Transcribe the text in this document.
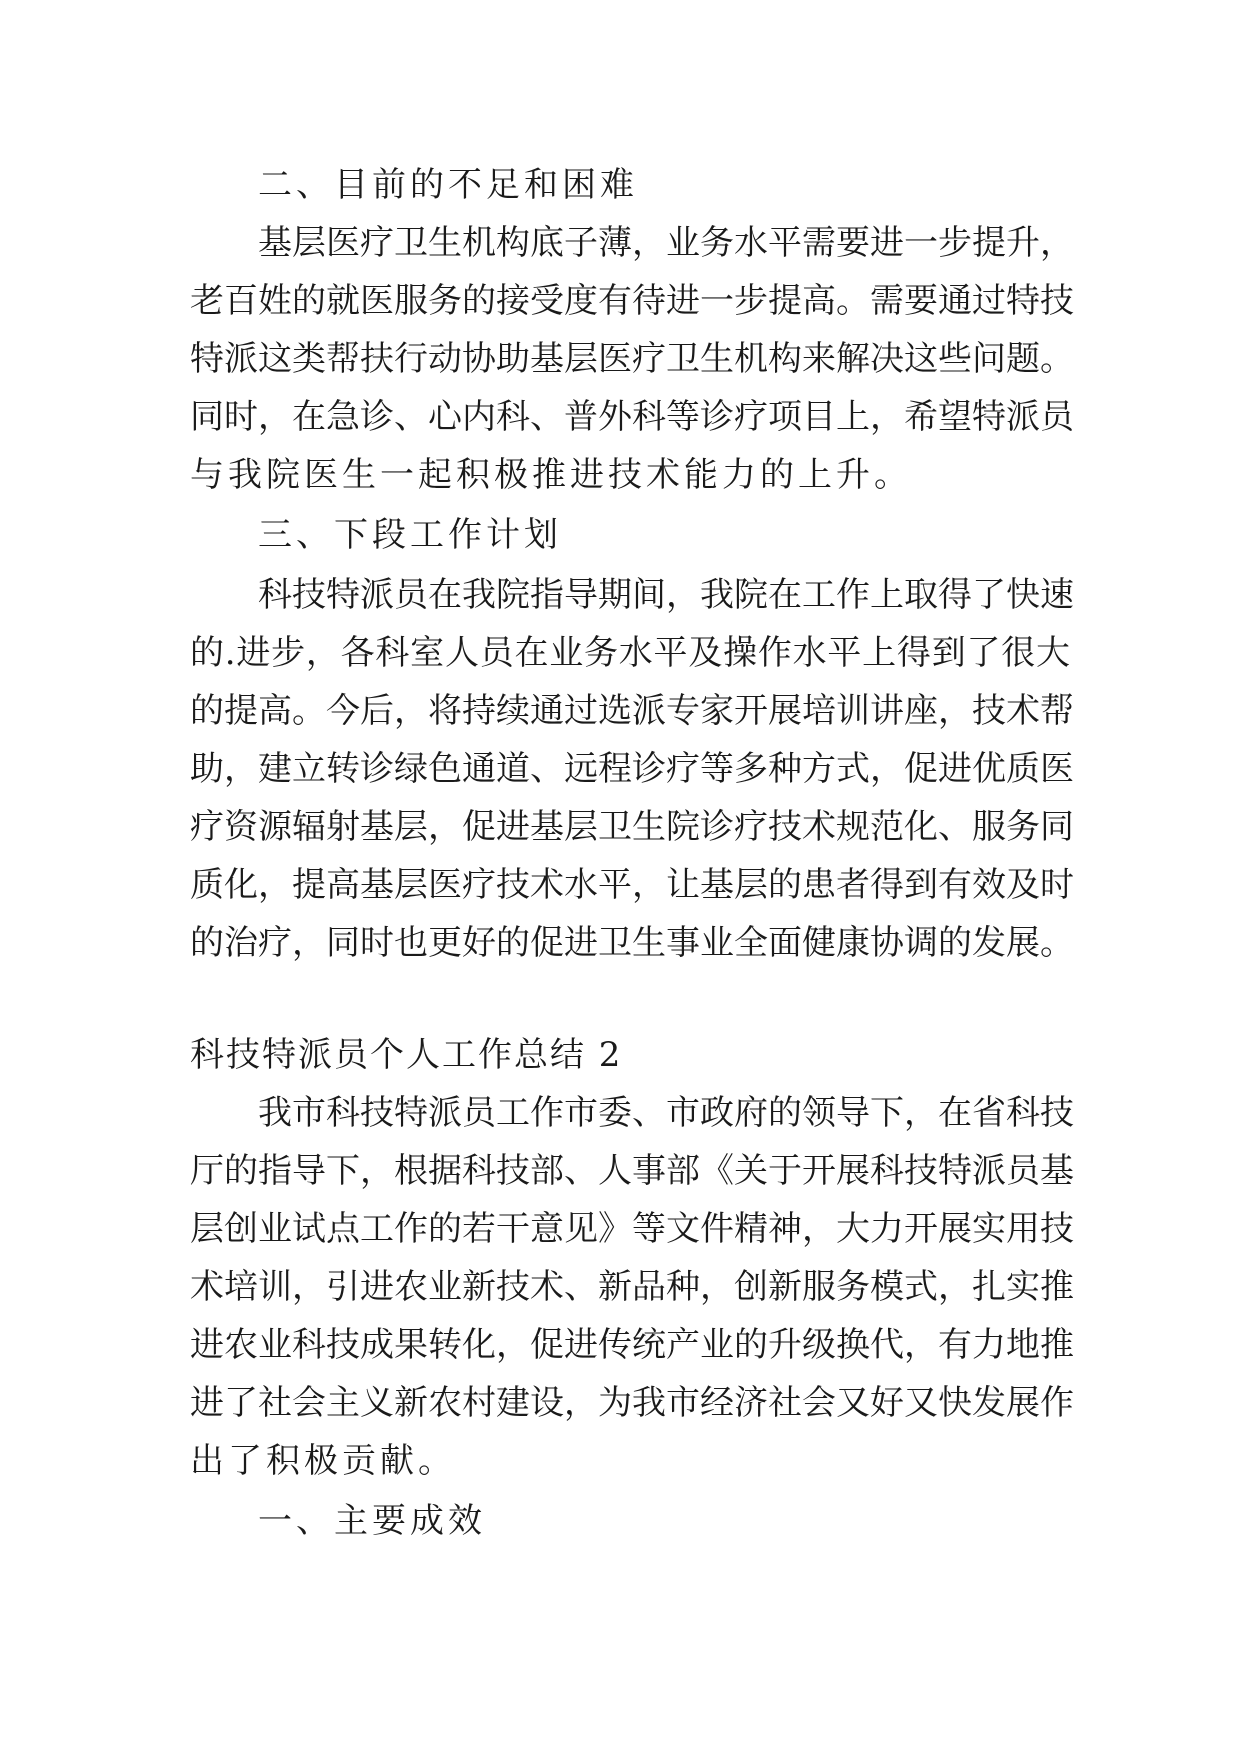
二、目前的不足和困难
基层医疗卫生机构底子薄，业务水平需要进一步提升，
老百姓的就医服务的接受度有待进一步提高。需要通过特技
特派这类帮扶行动协助基层医疗卫生机构来解决这些问题。
同时，在急诊、心内科、普外科等诊疗项目上，希望特派员
与我院医生一起积极推进技术能力的上升。
三、下段工作计划
科技特派员在我院指导期间，我院在工作上取得了快速
的.进步，各科室人员在业务水平及操作水平上得到了很大
的提高。今后，将持续通过选派专家开展培训讲座，技术帮
助，建立转诊绿色通道、远程诊疗等多种方式，促进优质医
疗资源辐射基层，促进基层卫生院诊疗技术规范化、服务同
质化，提高基层医疗技术水平，让基层的患者得到有效及时
的治疗，同时也更好的促进卫生事业全面健康协调的发展。
科技特派员个人工作总结 2
我市科技特派员工作市委、市政府的领导下，在省科技
厅的指导下，根据科技部、人事部《关于开展科技特派员基
层创业试点工作的若干意见》等文件精神，大力开展实用技
术培训，引进农业新技术、新品种，创新服务模式，扎实推
进农业科技成果转化，促进传统产业的升级换代，有力地推
进了社会主义新农村建设，为我市经济社会又好又快发展作
出了积极贡献。
一、主要成效
